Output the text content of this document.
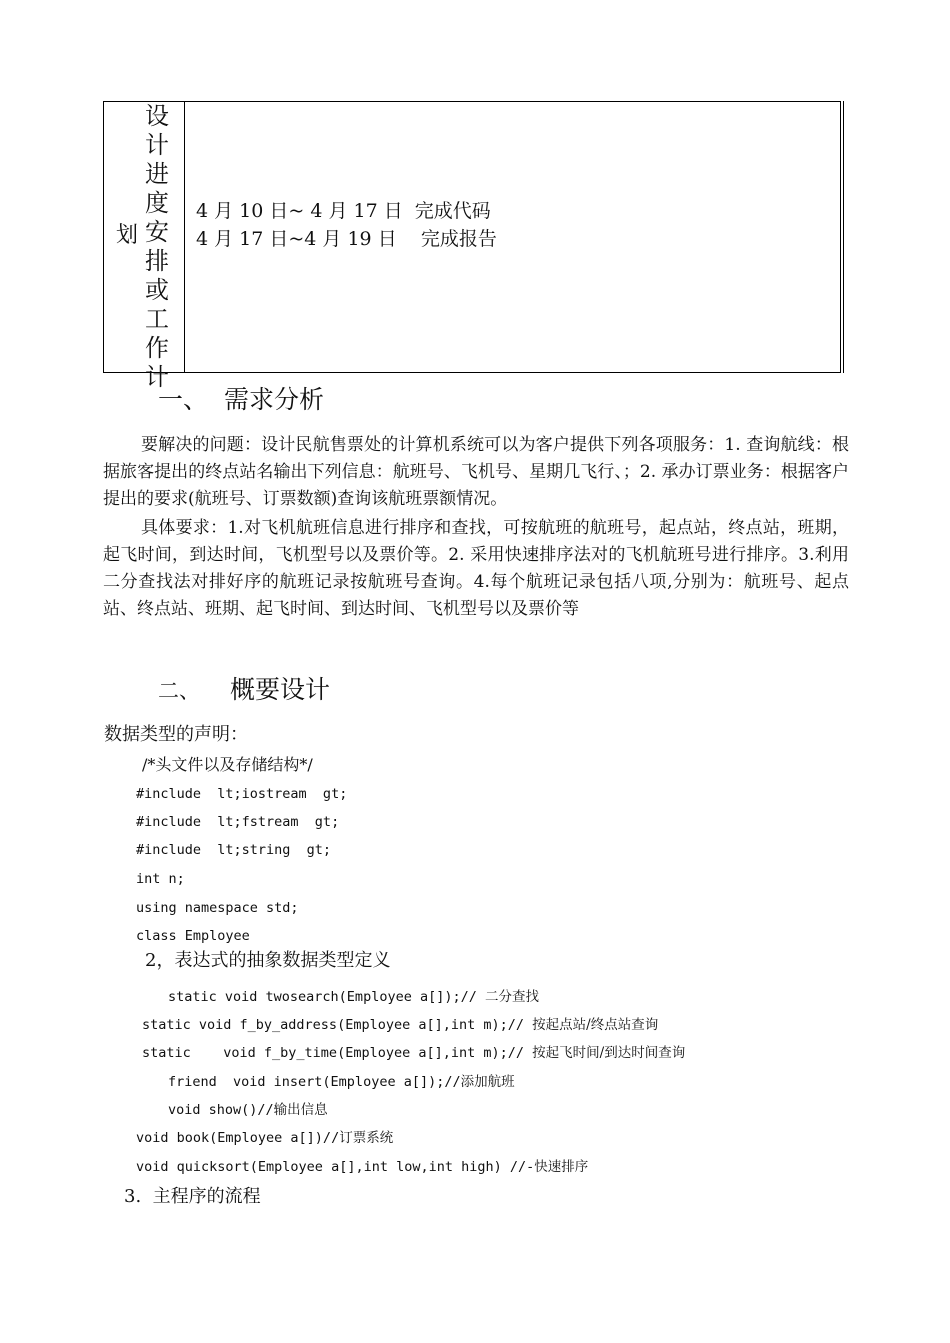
设
计
进
度
安
排
或
工
作
计
划
4 月 10 日~ 4 月 17 日  完成代码
4 月 17 日~4 月 19 日    完成报告
一、 需求分析
要解决的问题：设计民航售票处的计算机系统可以为客户提供下列各项服务：1. 查询航线：根据旅客提出的终点站名输出下列信息：航班号、飞机号、星期几飞行、；2. 承办订票业务：根据客户提出的要求(航班号、订票数额)查询该航班票额情况。
具体要求：1.对飞机航班信息进行排序和查找，可按航班的航班号，起点站，终点站，班期，起飞时间，到达时间，飞机型号以及票价等。2. 采用快速排序法对的飞机航班号进行排序。3.利用二分查找法对排好序的航班记录按航班号查询。4.每个航班记录包括八项,分别为：航班号、起点站、终点站、班期、起飞时间、到达时间、飞机型号以及票价等
二、 概要设计
数据类型的声明：
/*头文件以及存储结构*/
#include  lt;iostream  gt;
#include  lt;fstream  gt;
#include  lt;string  gt;
int n;
using namespace std;
class Employee
2，表达式的抽象数据类型定义
static void twosearch(Employee a[]);// 二分查找
static void f_by_address(Employee a[],int m);// 按起点站/终点站查询
static    void f_by_time(Employee a[],int m);// 按起飞时间/到达时间查询
friend  void insert(Employee a[]);//添加航班
void show()//输出信息
void book(Employee a[])//订票系统
void quicksort(Employee a[],int low,int high) //-快速排序
3.  主程序的流程
